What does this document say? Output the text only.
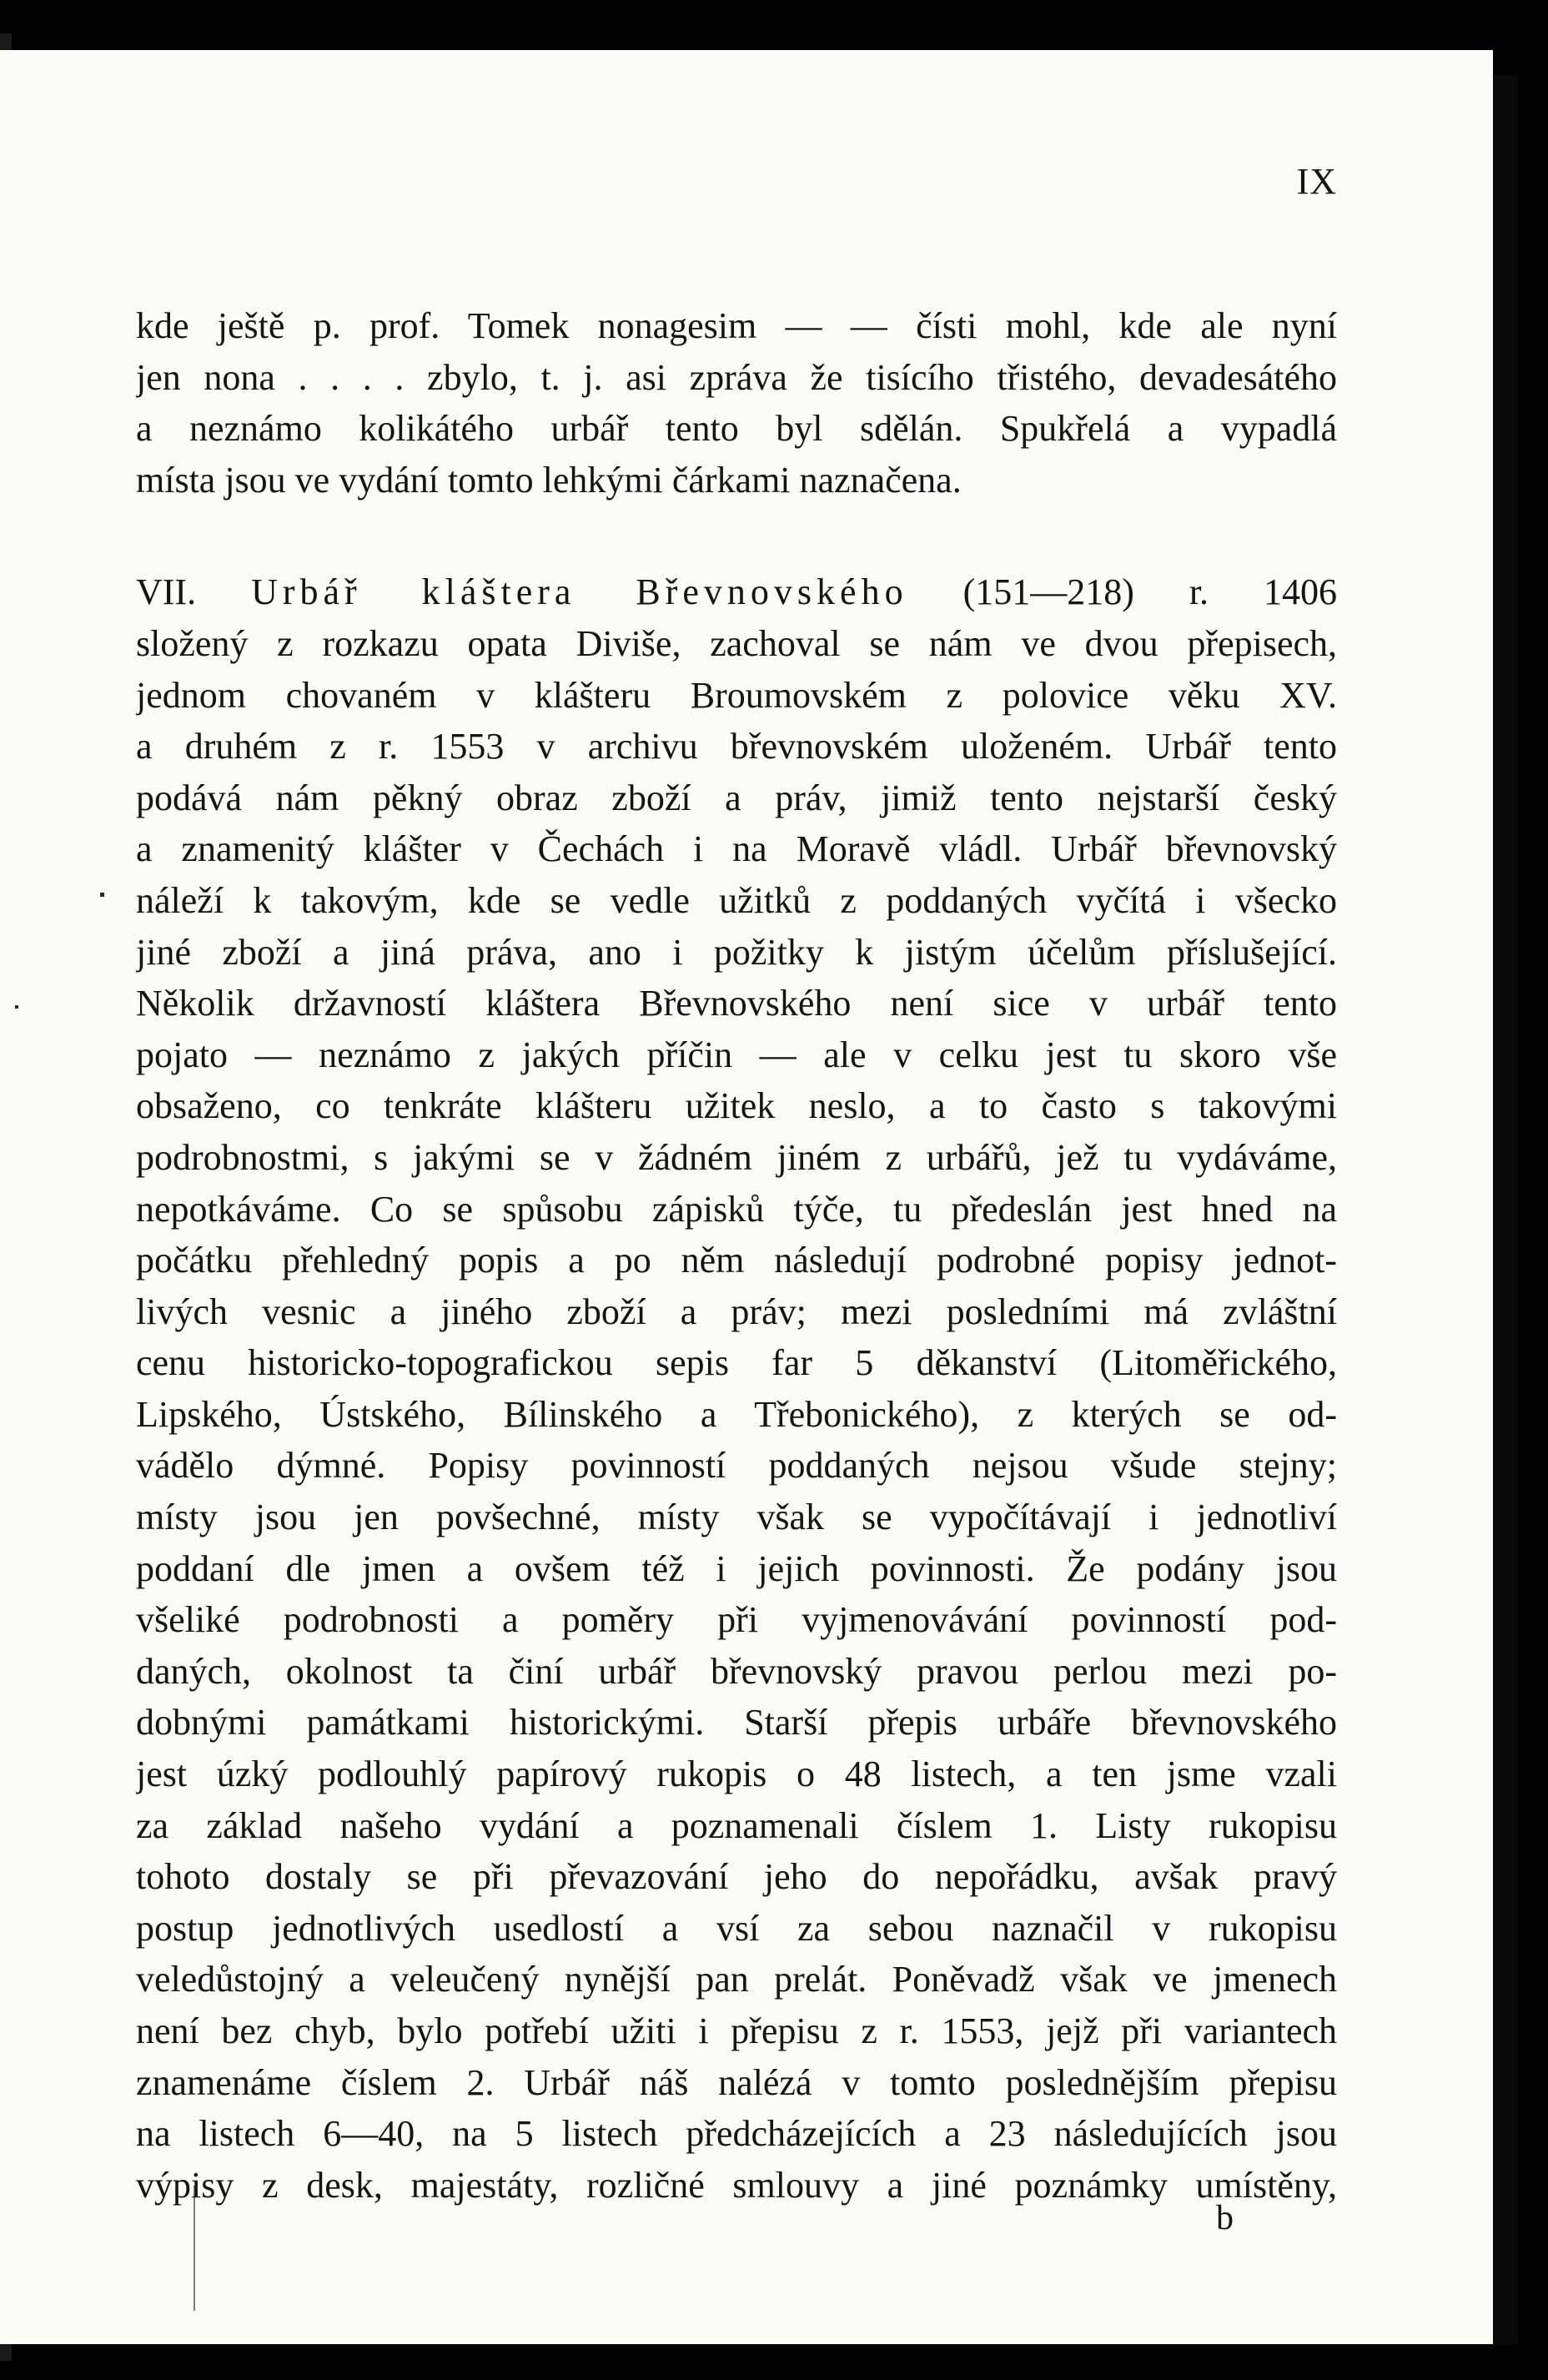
IX
kde ještě p. prof. Tomek nonagesim — — čísti mohl, kde ale nyní
jen nona . . . . zbylo, t. j. asi zpráva že tisícího třistého, devadesátého
a neznámo kolikátého urbář tento byl sdělán. Spukřelá a vypadlá
místa jsou ve vydání tomto lehkými čárkami naznačena.
VII. Urbář kláštera Břevnovského (151—218) r. 1406
složený z rozkazu opata Diviše, zachoval se nám ve dvou přepisech,
jednom chovaném v klášteru Broumovském z polovice věku XV.
a druhém z r. 1553 v archivu břevnovském uloženém. Urbář tento
podává nám pěkný obraz zboží a práv, jimiž tento nejstarší český
a znamenitý klášter v Čechách i na Moravě vládl. Urbář břevnovský
náleží k takovým, kde se vedle užitků z poddaných vyčítá i všecko
jiné zboží a jiná práva, ano i požitky k jistým účelům příslušející.
Několik državností kláštera Břevnovského není sice v urbář tento
pojato — neznámo z jakých příčin — ale v celku jest tu skoro vše
obsaženo, co tenkráte klášteru užitek neslo, a to často s takovými
podrobnostmi, s jakými se v žádném jiném z urbářů, jež tu vydáváme,
nepotkáváme. Co se spůsobu zápisků týče, tu předeslán jest hned na
počátku přehledný popis a po něm následují podrobné popisy jednot-
livých vesnic a jiného zboží a práv; mezi posledními má zvláštní
cenu historicko-topografickou sepis far 5 děkanství (Litoměřického,
Lipského, Ústského, Bílinského a Třebonického), z kterých se od-
vádělo dýmné. Popisy povinností poddaných nejsou všude stejny;
místy jsou jen povšechné, místy však se vypočítávají i jednotliví
poddaní dle jmen a ovšem též i jejich povinnosti. Že podány jsou
všeliké podrobnosti a poměry při vyjmenovávání povinností pod-
daných, okolnost ta činí urbář břevnovský pravou perlou mezi po-
dobnými památkami historickými. Starší přepis urbáře břevnovského
jest úzký podlouhlý papírový rukopis o 48 listech, a ten jsme vzali
za základ našeho vydání a poznamenali číslem 1. Listy rukopisu
tohoto dostaly se při převazování jeho do nepořádku, avšak pravý
postup jednotlivých usedlostí a vsí za sebou naznačil v rukopisu
veledůstojný a veleučený nynější pan prelát. Poněvadž však ve jmenech
není bez chyb, bylo potřebí užiti i přepisu z r. 1553, jejž při variantech
znamenáme číslem 2. Urbář náš nalézá v tomto poslednějším přepisu
na listech 6—40, na 5 listech předcházejících a 23 následujících jsou
výpisy z desk, majestáty, rozličné smlouvy a jiné poznámky umístěny,
b
